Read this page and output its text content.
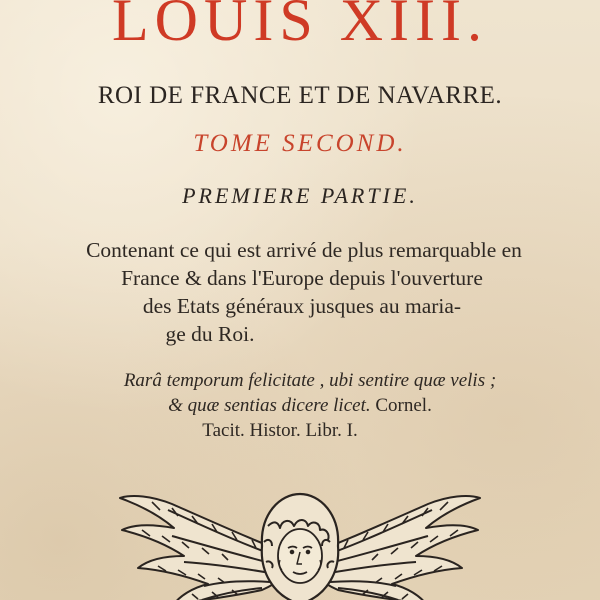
LOUIS XIII.
ROI DE FRANCE ET DE NAVARRE.
TOME SECOND.
PREMIERE PARTIE.
Contenant ce qui est arrivé de plus remarquable en
France & dans l'Europe depuis l'ouverture
des Etats généraux jusques au maria-
ge du Roi.
Rarâ temporum felicitate , ubi sentire quæ velis ;
& quæ sentias dicere licet. Cornel.
Tacit. Histor. Libr. I.
